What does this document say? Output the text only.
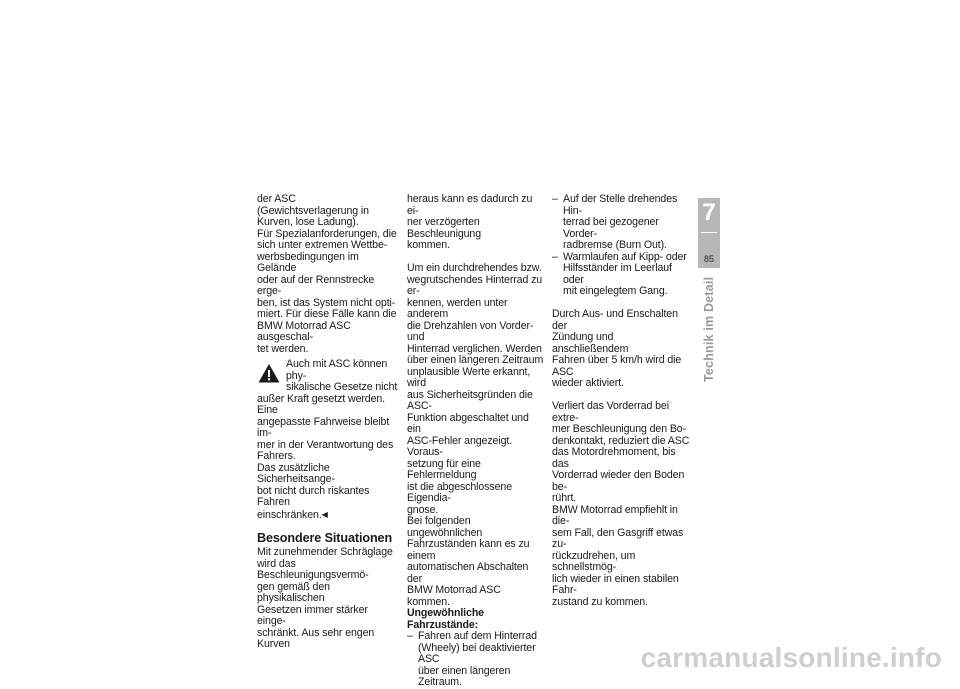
der ASC (Gewichtsverlagerung in
Kurven, lose Ladung).
Für Spezialanforderungen, die
sich unter extremen Wettbe-
werbsbedingungen im Gelände
oder auf der Rennstrecke erge-
ben, ist das System nicht opti-
miert. Für diese Fälle kann die
BMW Motorrad ASC ausgeschal-
tet werden.
Auch mit ASC können phy-
sikalische Gesetze nicht
außer Kraft gesetzt werden. Eine
angepasste Fahrweise bleibt im-
mer in der Verantwortung des
Fahrers.
Das zusätzliche Sicherheitsange-
bot nicht durch riskantes Fahren
einschränken.◀
Besondere Situationen
Mit zunehmender Schräglage
wird das Beschleunigungsvermö-
gen gemäß den physikalischen
Gesetzen immer stärker einge-
schränkt. Aus sehr engen Kurven
heraus kann es dadurch zu ei-
ner verzögerten Beschleunigung
kommen.
Um ein durchdrehendes bzw.
wegrutschendes Hinterrad zu er-
kennen, werden unter anderem
die Drehzahlen von Vorder- und
Hinterrad verglichen. Werden
über einen längeren Zeitraum
unplausible Werte erkannt, wird
aus Sicherheitsgründen die ASC-
Funktion abgeschaltet und ein
ASC-Fehler angezeigt. Voraus-
setzung für eine Fehlermeldung
ist die abgeschlossene Eigendia-
gnose.
Bei folgenden ungewöhnlichen
Fahrzuständen kann es zu einem
automatischen Abschalten der
BMW Motorrad ASC kommen.
Ungewöhnliche
Fahrzustände:
– Fahren auf dem Hinterrad
(Wheely) bei deaktivierter ASC
über einen längeren Zeitraum.
– Auf der Stelle drehendes Hin-
terrad bei gezogener Vorder-
radbremse (Burn Out).
– Warmlaufen auf Kipp- oder
Hilfsständer im Leerlauf oder
mit eingelegtem Gang.
Durch Aus- und Enschalten der
Zündung und anschließendem
Fahren über 5 km/h wird die ASC
wieder aktiviert.
Verliert das Vorderrad bei extre-
mer Beschleunigung den Bo-
denkontakt, reduziert die ASC
das Motordrehmoment, bis das
Vorderrad wieder den Boden be-
rührt.
BMW Motorrad empfiehlt in die-
sem Fall, den Gasgriff etwas zu-
rückzudrehen, um schnellstmög-
lich wieder in einen stabilen Fahr-
zustand zu kommen.
7
85
Technik im Detail
carmanualsonline.info
